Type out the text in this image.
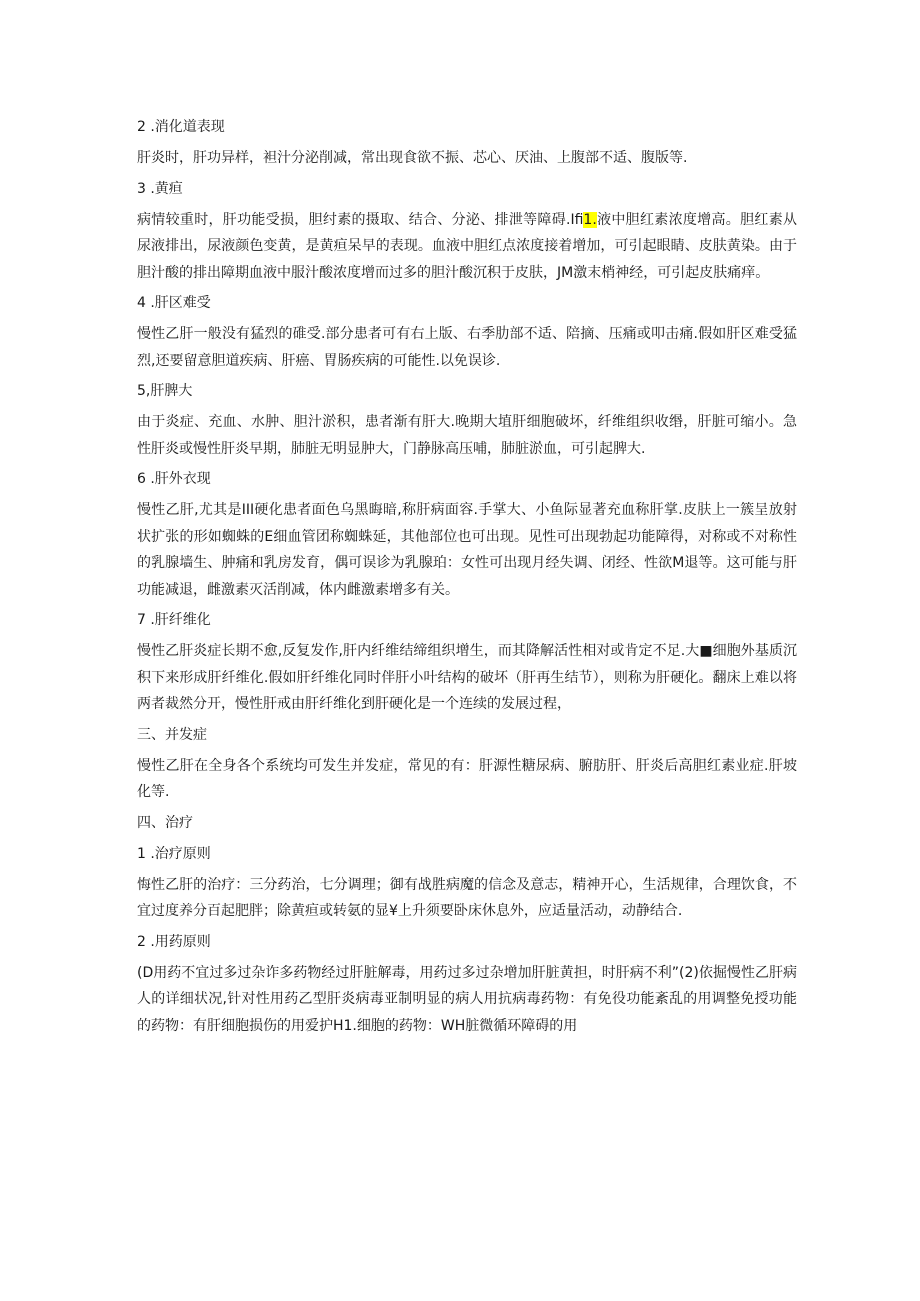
2 .消化道表现
肝炎时，肝功异样，袒汁分泌削减，常出现食欲不振、芯心、厌油、上腹部不适、腹版等.
3 .黄疸
病情较重时，肝功能受损，胆纣素的摄取、结合、分泌、排泄等障碍.Ifi1.液中胆红素浓度增高。胆红素从尿液排出，尿液颜色变黄，是黄疸呆早的表现。血液中胆红点浓度接着增加，可引起眼睛、皮肤黄染。由于胆汁酸的排出障期血液中服汁酸浓度增而过多的胆汁酸沉积于皮肤，JM激末梢神经，可引起皮肤痛痒。
4 .肝区难受
慢性乙肝一般没有猛烈的碓受.部分患者可有右上版、右季肋部不适、陪摘、压痛或叩击痛.假如肝区难受猛烈,还要留意胆道疾病、肝癌、胃肠疾病的可能性.以免误诊.
5,肝脾大
由于炎症、充血、水肿、胆汁淤积，患者渐有肝大.晚期大埴肝细胞破坏，纤维组织收缗，肝脏可缩小。急性肝炎或慢性肝炎早期，肺脏无明显肿大，门静脉高压哺，肺脏淤血，可引起脾大.
6 .肝外衣现
慢性乙肝,尤其是III硬化患者面色乌黑晦暗,称肝病面容.手掌大、小鱼际显著充血称肝掌.皮肤上一簇呈放射状扩张的形如蜘蛛的E细血管团称蜘蛛延，其他部位也可出现。见性可出现勃起功能障得，对称或不对称性的乳腺墙生、肿痛和乳房发育，偶可误诊为乳腺珀：女性可出现月经失调、闭经、性欲M退等。这可能与肝功能减退，雌激素灭活削减，体内雌激素增多有关。
7 .肝纤维化
慢性乙肝炎症长期不愈,反复发作,肝内纤维结缔组织增生，而其降解活性相对或肯定不足.大■细胞外基质沉积下来形成肝纤维化.假如肝纤维化同时伴肝小叶结构的破坏（肝再生结节），则称为肝硬化。翻床上难以将两者裁然分开，慢性肝戒由肝纤维化到肝硬化是一个连续的发展过程，
三、并发症
慢性乙肝在全身各个系统均可发生并发症，常见的有：肝源性糖尿病、腑肪肝、肝炎后高胆红素业症.肝坡化等.
四、治疗
1 .治疗原则
悔性乙肝的治疗：三分药治，七分调理；御有战胜病魔的信念及意志，精神开心，生活规律，合理饮食，不宜过度养分百起肥胖；除黄疸或转氨的显¥上升须要卧床休息外，应适量活动，动静结合.
2 .用药原则
(D用药不宜过多过杂诈多药物经过肝脏解毒，用药过多过杂增加肝脏黄担，时肝病不利”(2)依掘慢性乙肝病人的详细状况,针对性用药乙型肝炎病毒亚制明显的病人用抗病毒药物：有免役功能紊乱的用调整免授功能的药物：有肝细胞损伤的用爱护H1.细胞的药物：WH脏微循环障碍的用
